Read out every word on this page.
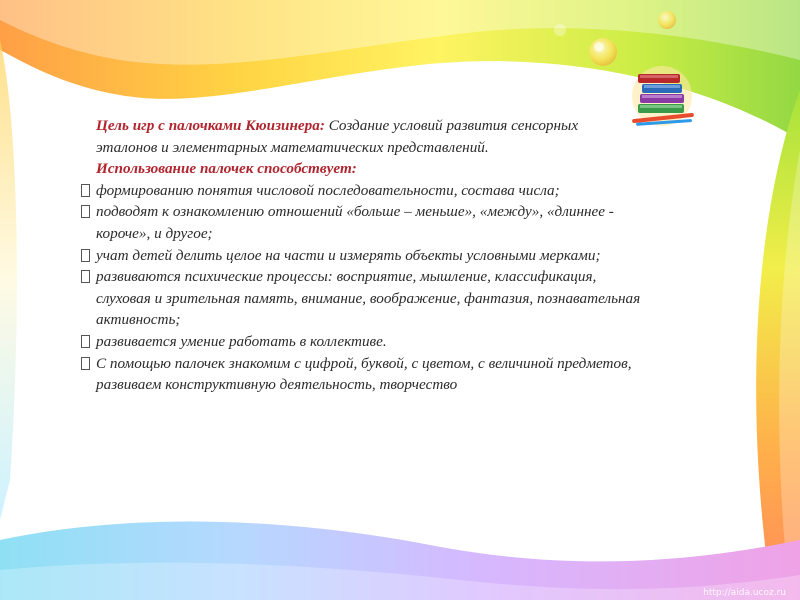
Цель игр с палочками Кюизинера: Создание условий развития сенсорных эталонов и элементарных математических представлений.

Использование палочек способствует:

формированию понятия числовой последовательности, состава числа;
подводят к ознакомлению отношений «больше – меньше», «между», «длиннее - короче», и другое;
учат детей делить целое на части и измерять объекты условными мерками;
развиваются психические процессы: восприятие, мышление, классификация, слуховая и зрительная память, внимание, воображение, фантазия, познавательная активность;
развивается умение работать в коллективе.
С помощью палочек знакомим с цифрой, буквой, с цветом, с величиной предметов, развиваем конструктивную деятельность, творчество
http://aida.ucoz.ru
